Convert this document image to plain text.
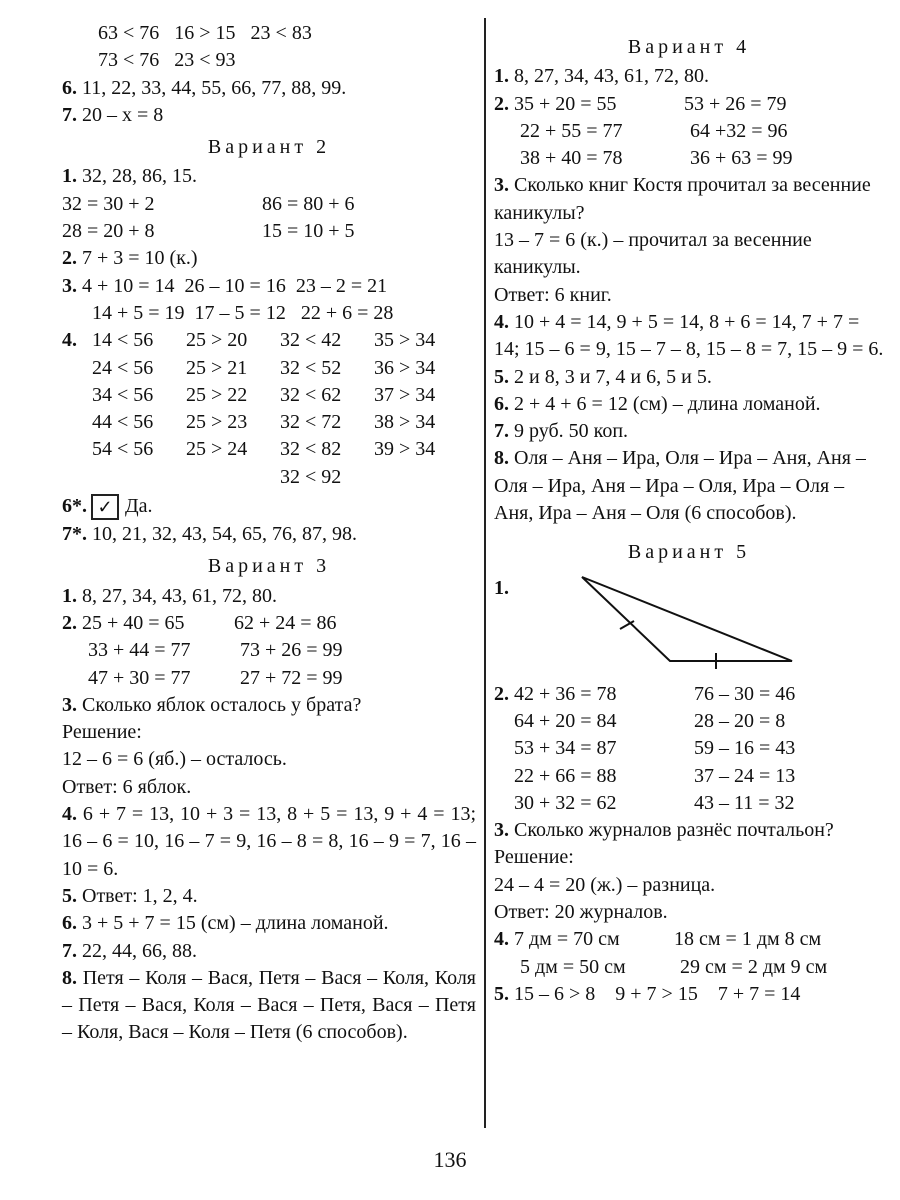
63 < 76   16 > 15   23 < 83
73 < 76   23 < 93
6. 11, 22, 33, 44, 55, 66, 77, 88, 99.
7. 20 – x = 8
Вариант 2
1. 32, 28, 86, 15.
32 = 30 + 2	86 = 80 + 6
28 = 20 + 8	15 = 10 + 5
2. 7 + 3 = 10 (к.)
3. 4 + 10 = 14  26 – 10 = 16  23 – 2 = 21
14 + 5 = 19  17 – 5 = 12   22 + 6 = 28
4. 14 < 56 25 > 20 32 < 42 35 > 34
24 < 56 25 > 21 32 < 52 36 > 34
34 < 56 25 > 22 32 < 62 37 > 34
44 < 56 25 > 23 32 < 72 38 > 34
54 < 56 25 > 24 32 < 82 39 > 34
32 < 92
6*. ✓ Да.
7*. 10, 21, 32, 43, 54, 65, 76, 87, 98.
Вариант 3
1. 8, 27, 34, 43, 61, 72, 80.
2. 25 + 40 = 65 62 + 24 = 86
33 + 44 = 77 73 + 26 = 99
47 + 30 = 77 27 + 72 = 99
3. Сколько яблок осталось у брата?
Решение:
12 – 6 = 6 (яб.) – осталось.
Ответ: 6 яблок.
4. 6 + 7 = 13, 10 + 3 = 13, 8 + 5 = 13, 9 + 4 = 13; 16 – 6 = 10, 16 – 7 = 9, 16 – 8 = 8, 16 – 9 = 7, 16 – 10 = 6.
5. Ответ: 1, 2, 4.
6. 3 + 5 + 7 = 15 (см) – длина ломаной.
7. 22, 44, 66, 88.
8. Петя – Коля – Вася, Петя – Вася – Коля, Коля – Петя – Вася, Коля – Вася – Петя, Вася – Петя – Коля, Вася – Коля – Петя (6 способов).
Вариант 4
1. 8, 27, 34, 43, 61, 72, 80.
2. 35 + 20 = 55	53 + 26 = 79
22 + 55 = 77	64 +32 = 96
38 + 40 = 78	36 + 63 = 99
3. Сколько книг Костя прочитал за весенние каникулы?
13 – 7 = 6 (к.) – прочитал за весенние каникулы.
Ответ: 6 книг.
4. 10 + 4 = 14, 9 + 5 = 14, 8 + 6 = 14, 7 + 7 = 14; 15 – 6 = 9, 15 – 7 – 8, 15 – 8 = 7, 15 – 9 = 6.
5. 2 и 8, 3 и 7, 4 и 6, 5 и 5.
6. 2 + 4 + 6 = 12 (см) – длина ломаной.
7. 9 руб. 50 коп.
8. Оля – Аня – Ира, Оля – Ира – Аня, Аня – Оля – Ира, Аня – Ира – Оля, Ира – Оля – Аня, Ира – Аня – Оля (6 способов).
Вариант 5
1.
2. 42 + 36 = 78	76 – 30 = 46
64 + 20 = 84	28 – 20 = 8
53 + 34 = 87	59 – 16 = 43
22 + 66 = 88	37 – 24 = 13
30 + 32 = 62	43 – 11 = 32
3. Сколько журналов разнёс почтальон?
Решение:
24 – 4 = 20 (ж.) – разница.
Ответ: 20 журналов.
4. 7 дм = 70 см	18 см = 1 дм 8 см
5 дм = 50 см	29 см = 2 дм 9 см
5. 15 – 6 > 8    9 + 7 > 15    7 + 7 = 14
136
